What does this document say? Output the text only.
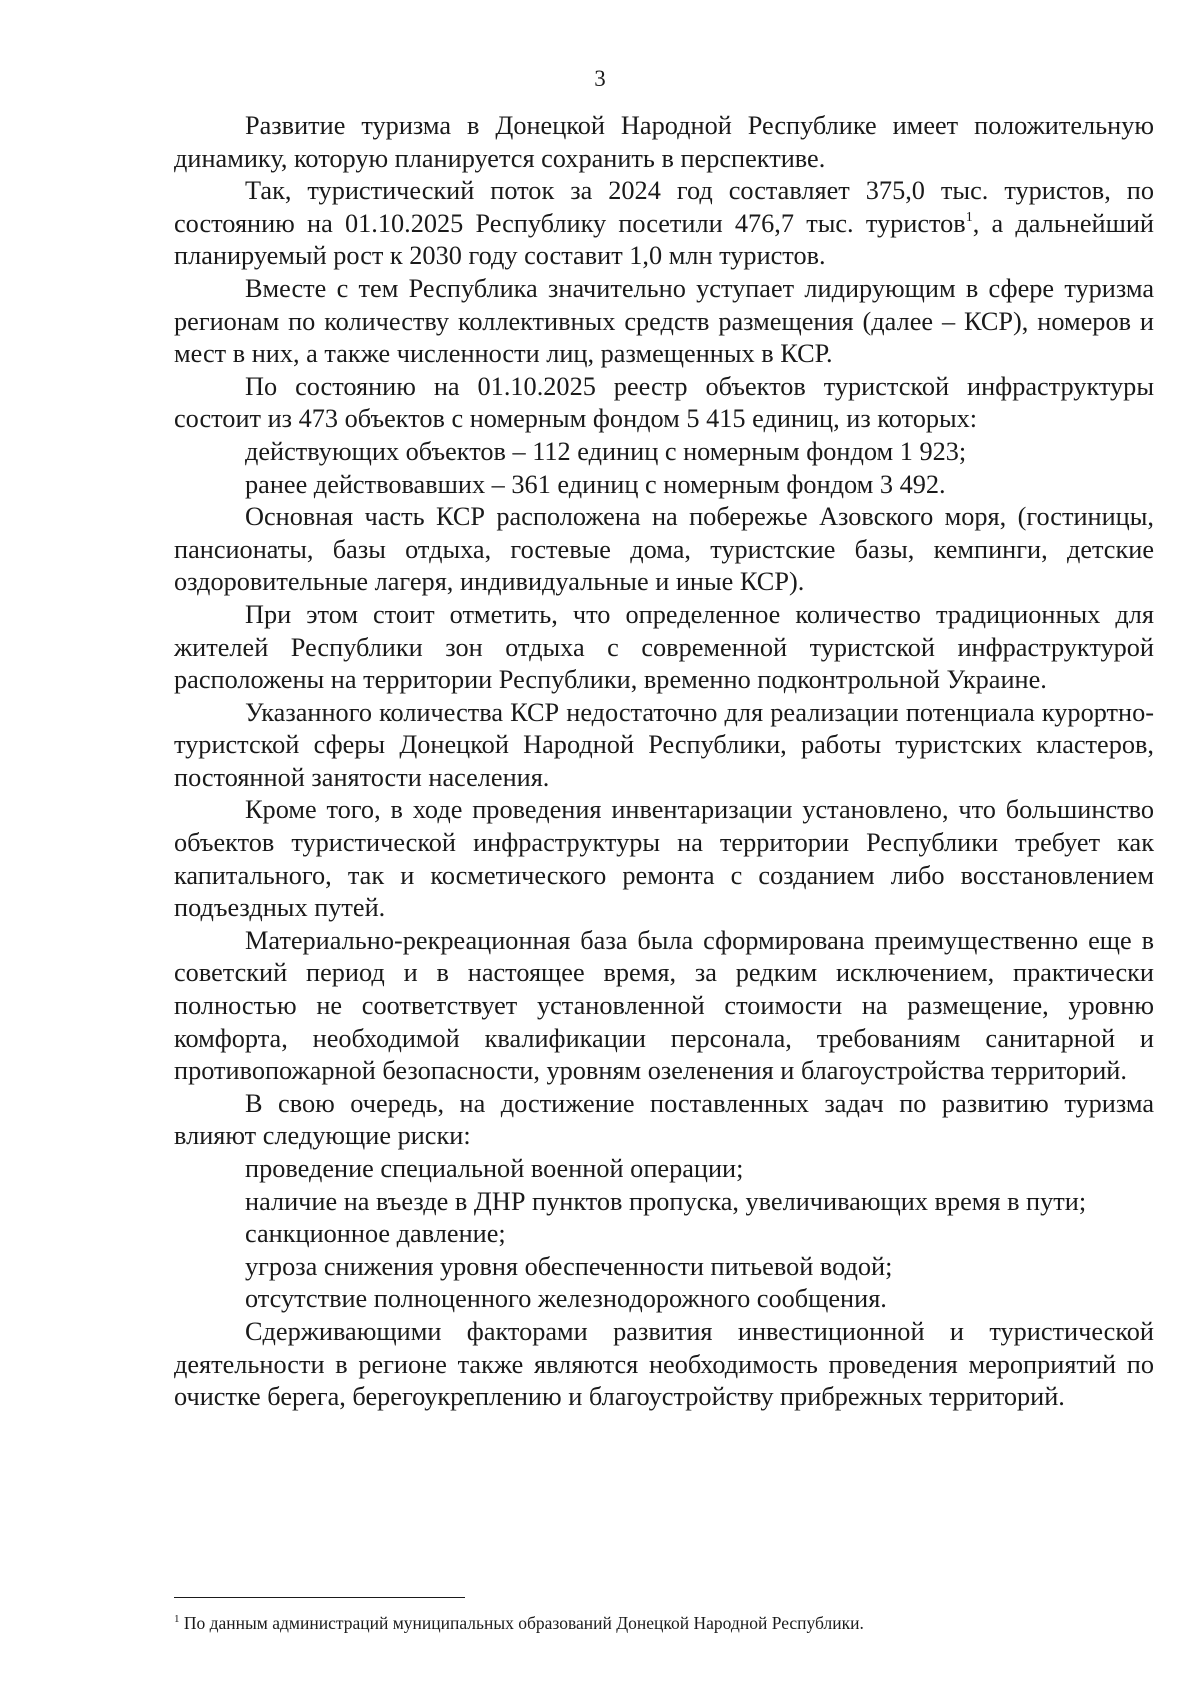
3

Развитие туризма в Донецкой Народной Республике имеет положительную динамику, которую планируется сохранить в перспективе.

Так, туристический поток за 2024 год составляет 375,0 тыс. туристов, по состоянию на 01.10.2025 Республику посетили 476,7 тыс. туристов$^1$, а дальнейший планируемый рост к 2030 году составит 1,0 млн туристов.

Вместе с тем Республика значительно уступает лидирующим в сфере туризма регионам по количеству коллективных средств размещения (далее – КСР), номеров и мест в них, а также численности лиц, размещенных в КСР.

По состоянию на 01.10.2025 реестр объектов туристской инфраструктуры состоит из 473 объектов с номерным фондом 5 415 единиц, из которых:

действующих объектов – 112 единиц с номерным фондом 1 923;

ранее действовавших – 361 единиц с номерным фондом 3 492.

Основная часть КСР расположена на побережье Азовского моря, (гостиницы, пансионаты, базы отдыха, гостевые дома, туристские базы, кемпинги, детские оздоровительные лагеря, индивидуальные и иные КСР).

При этом стоит отметить, что определенное количество традиционных для жителей Республики зон отдыха с современной туристской инфраструктурой расположены на территории Республики, временно подконтрольной Украине.

Указанного количества КСР недостаточно для реализации потенциала курортно-туристской сферы Донецкой Народной Республики, работы туристских кластеров, постоянной занятости населения.

Кроме того, в ходе проведения инвентаризации установлено, что большинство объектов туристической инфраструктуры на территории Республики требует как капитального, так и косметического ремонта с созданием либо восстановлением подъездных путей.

Материально-рекреационная база была сформирована преимущественно еще в советский период и в настоящее время, за редким исключением, практически полностью не соответствует установленной стоимости на размещение, уровню комфорта, необходимой квалификации персонала, требованиям санитарной и противопожарной безопасности, уровням озеленения и благоустройства территорий.

В свою очередь, на достижение поставленных задач по развитию туризма влияют следующие риски:

проведение специальной военной операции;

наличие на въезде в ДНР пунктов пропуска, увеличивающих время в пути;

санкционное давление;

угроза снижения уровня обеспеченности питьевой водой;

отсутствие полноценного железнодорожного сообщения.

Сдерживающими факторами развития инвестиционной и туристической деятельности в регионе также являются необходимость проведения мероприятий по очистке берега, берегоукреплению и благоустройству прибрежных территорий.

$^1$ По данным администраций муниципальных образований Донецкой Народной Республики.
